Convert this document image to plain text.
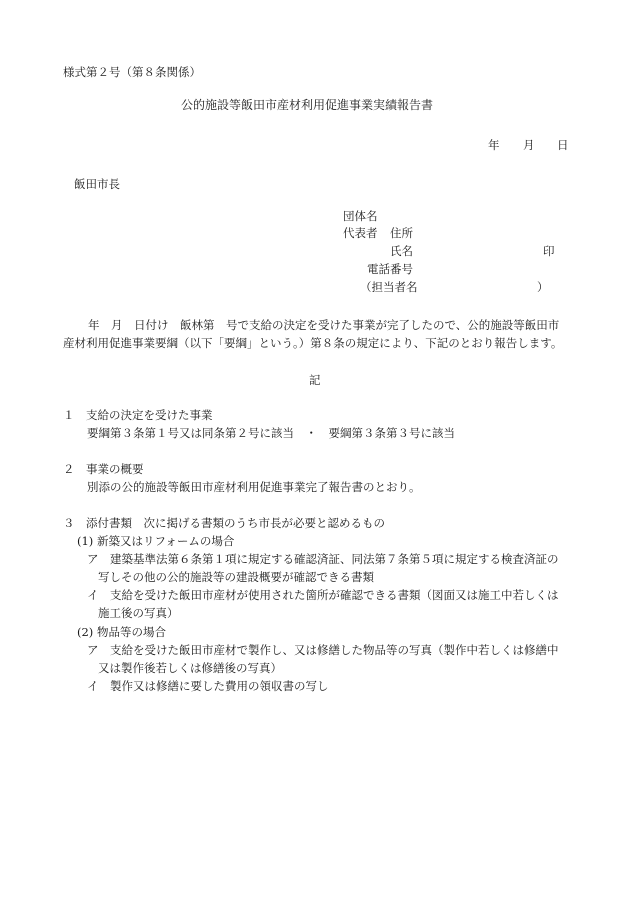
様式第２号（第８条関係）
公的施設等飯田市産材利用促進事業実績報告書
年 月 日
飯田市長
団体名
代表者 住所
氏名	印
電話番号
（担当者名	）
年　月　日付け　飯林第　号で支給の決定を受けた事業が完了したので、公的施設等飯田市
産材利用促進事業要綱（以下「要綱」という。）第８条の規定により、下記のとおり報告します。
記
１　支給の決定を受けた事業
要綱第３条第１号又は同条第２号に該当　・　要綱第３条第３号に該当
２　事業の概要
別添の公的施設等飯田市産材利用促進事業完了報告書のとおり。
３　添付書類　次に掲げる書類のうち市長が必要と認めるもの
(1) 新築又はリフォームの場合
ア　建築基準法第６条第１項に規定する確認済証、同法第７条第５項に規定する検査済証の
写しその他の公的施設等の建設概要が確認できる書類
イ　支給を受けた飯田市産材が使用された箇所が確認できる書類（図面又は施工中若しくは
施工後の写真）
(2) 物品等の場合
ア　支給を受けた飯田市産材で製作し、又は修繕した物品等の写真（製作中若しくは修繕中
又は製作後若しくは修繕後の写真）
イ　製作又は修繕に要した費用の領収書の写し
